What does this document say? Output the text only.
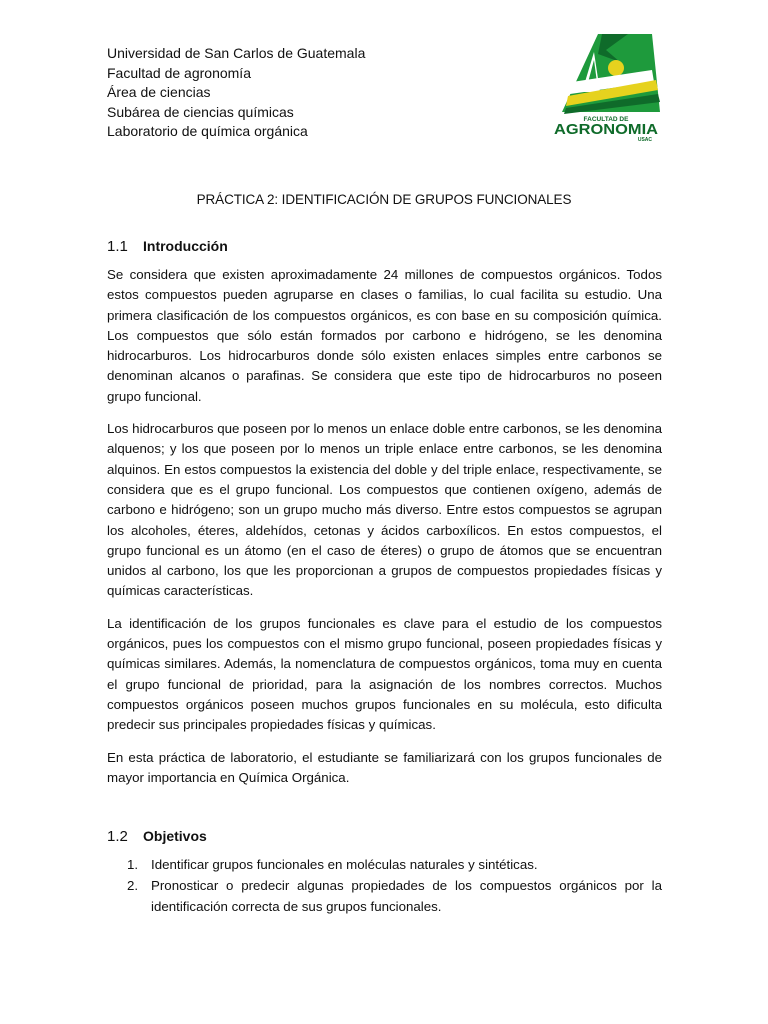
Universidad de San Carlos de Guatemala
Facultad de agronomía
Área de ciencias
Subárea de ciencias químicas
Laboratorio de química orgánica
FACULTAD DE
AGRONOMIA
USAC
PRÁCTICA 2: IDENTIFICACIÓN DE GRUPOS FUNCIONALES
1.1	Introducción

Se considera que existen aproximadamente 24 millones de compuestos orgánicos. Todos estos compuestos pueden agruparse en clases o familias, lo cual facilita su estudio. Una primera clasificación de los compuestos orgánicos, es con base en su composición química. Los compuestos que sólo están formados por carbono e hidrógeno, se les denomina hidrocarburos. Los hidrocarburos donde sólo existen enlaces simples entre carbonos se denominan alcanos o parafinas. Se considera que este tipo de hidrocarburos no poseen grupo funcional.

Los hidrocarburos que poseen por lo menos un enlace doble entre carbonos, se les denomina alquenos; y los que poseen por lo menos un triple enlace entre carbonos, se les denomina alquinos. En estos compuestos la existencia del doble y del triple enlace, respectivamente, se considera que es el grupo funcional. Los compuestos que contienen oxígeno, además de carbono e hidrógeno; son un grupo mucho más diverso. Entre estos compuestos se agrupan los alcoholes, éteres, aldehídos, cetonas y ácidos carboxílicos. En estos compuestos, el grupo funcional es un átomo (en el caso de éteres) o grupo de átomos que se encuentran unidos al carbono, los que les proporcionan a grupos de compuestos propiedades físicas y químicas características.

La identificación de los grupos funcionales es clave para el estudio de los compuestos orgánicos, pues los compuestos con el mismo grupo funcional, poseen propiedades físicas y químicas similares. Además, la nomenclatura de compuestos orgánicos, toma muy en cuenta el grupo funcional de prioridad, para la asignación de los nombres correctos. Muchos compuestos orgánicos poseen muchos grupos funcionales en su molécula, esto dificulta predecir sus principales propiedades físicas y químicas.

En esta práctica de laboratorio, el estudiante se familiarizará con los grupos funcionales de mayor importancia en Química Orgánica.

1.2	Objetivos
1. Identificar grupos funcionales en moléculas naturales y sintéticas.
2. Pronosticar o predecir algunas propiedades de los compuestos orgánicos por la identificación correcta de sus grupos funcionales.
